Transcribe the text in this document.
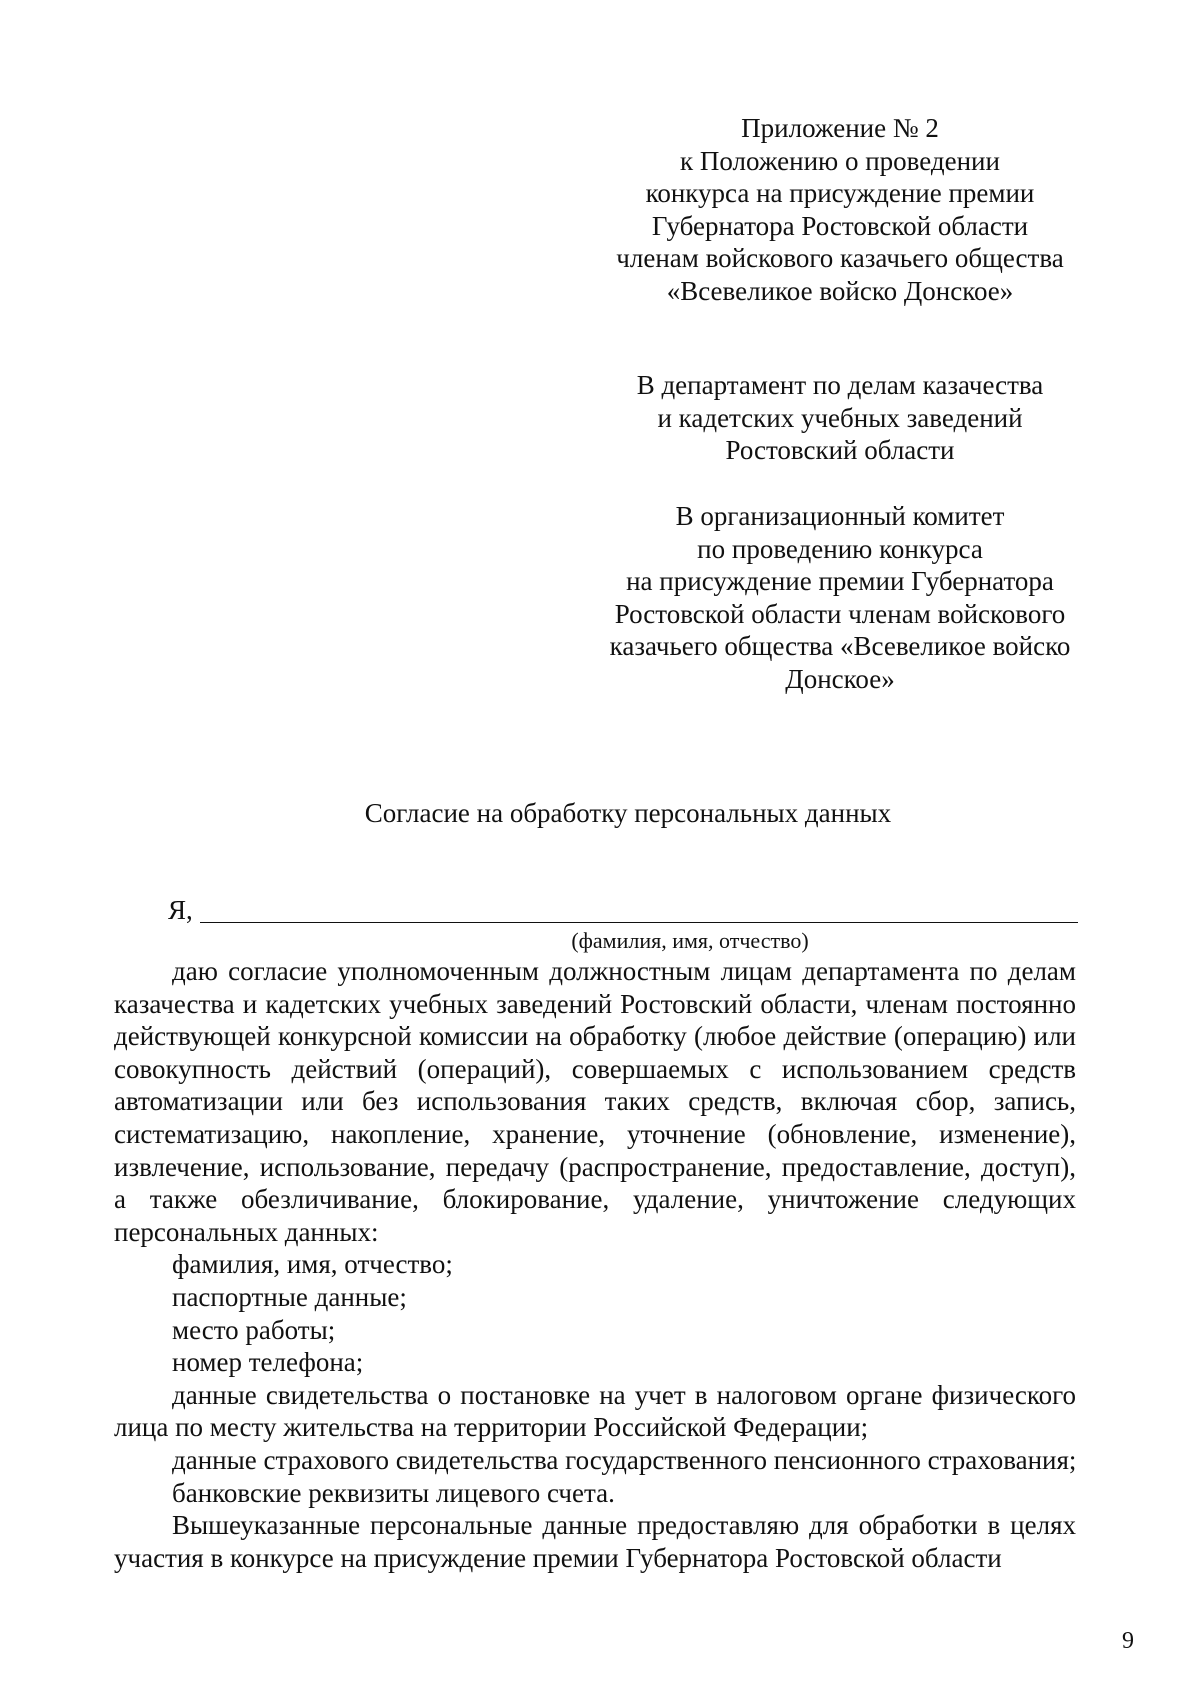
Приложение № 2
к Положению о проведении
конкурса на присуждение премии
Губернатора Ростовской области
членам войскового казачьего общества
«Всевеликое войско Донское»
В департамент по делам казачества
и кадетских учебных заведений
Ростовский области
В организационный комитет
по проведению конкурса
на присуждение премии Губернатора
Ростовской области членам войскового
казачьего общества «Всевеликое войско
Донское»
Согласие на обработку персональных данных
Я,
(фамилия, имя, отчество)

даю согласие уполномоченным должностным лицам департамента по делам казачества и кадетских учебных заведений Ростовский области, членам постоянно действующей конкурсной комиссии на обработку (любое действие (операцию) или совокупность действий (операций), совершаемых с использованием средств автоматизации или без использования таких средств, включая сбор, запись, систематизацию, накопление, хранение, уточнение (обновление, изменение), извлечение, использование, передачу (распространение, предоставление, доступ), а также обезличивание, блокирование, удаление, уничтожение следующих персональных данных:

фамилия, имя, отчество;

паспортные данные;

место работы;

номер телефона;

данные свидетельства о постановке на учет в налоговом органе физического лица по месту жительства на территории Российской Федерации;

данные страхового свидетельства государственного пенсионного страхования;

банковские реквизиты лицевого счета.

Вышеуказанные персональные данные предоставляю для обработки в целях участия в конкурсе на присуждение премии Губернатора Ростовской области

9
